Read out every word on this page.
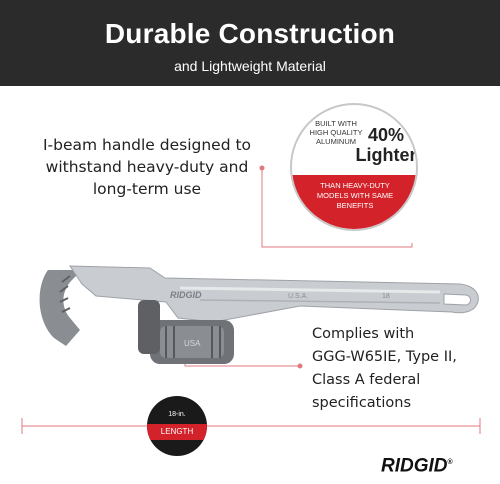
Durable Construction
and Lightweight Material
RIDGID	U.S.A.	18
USA
I-beam handle designed to
withstand heavy-duty and
long-term use
BUILT WITH
HIGH QUALITY
ALUMINUM 40%
Lighter
THAN HEAVY-DUTY
MODELS WITH SAME
BENEFITS
Complies with
GGG-W65IE, Type II,
Class A federal
specifications
18-in.
LENGTH
RIDGID®
